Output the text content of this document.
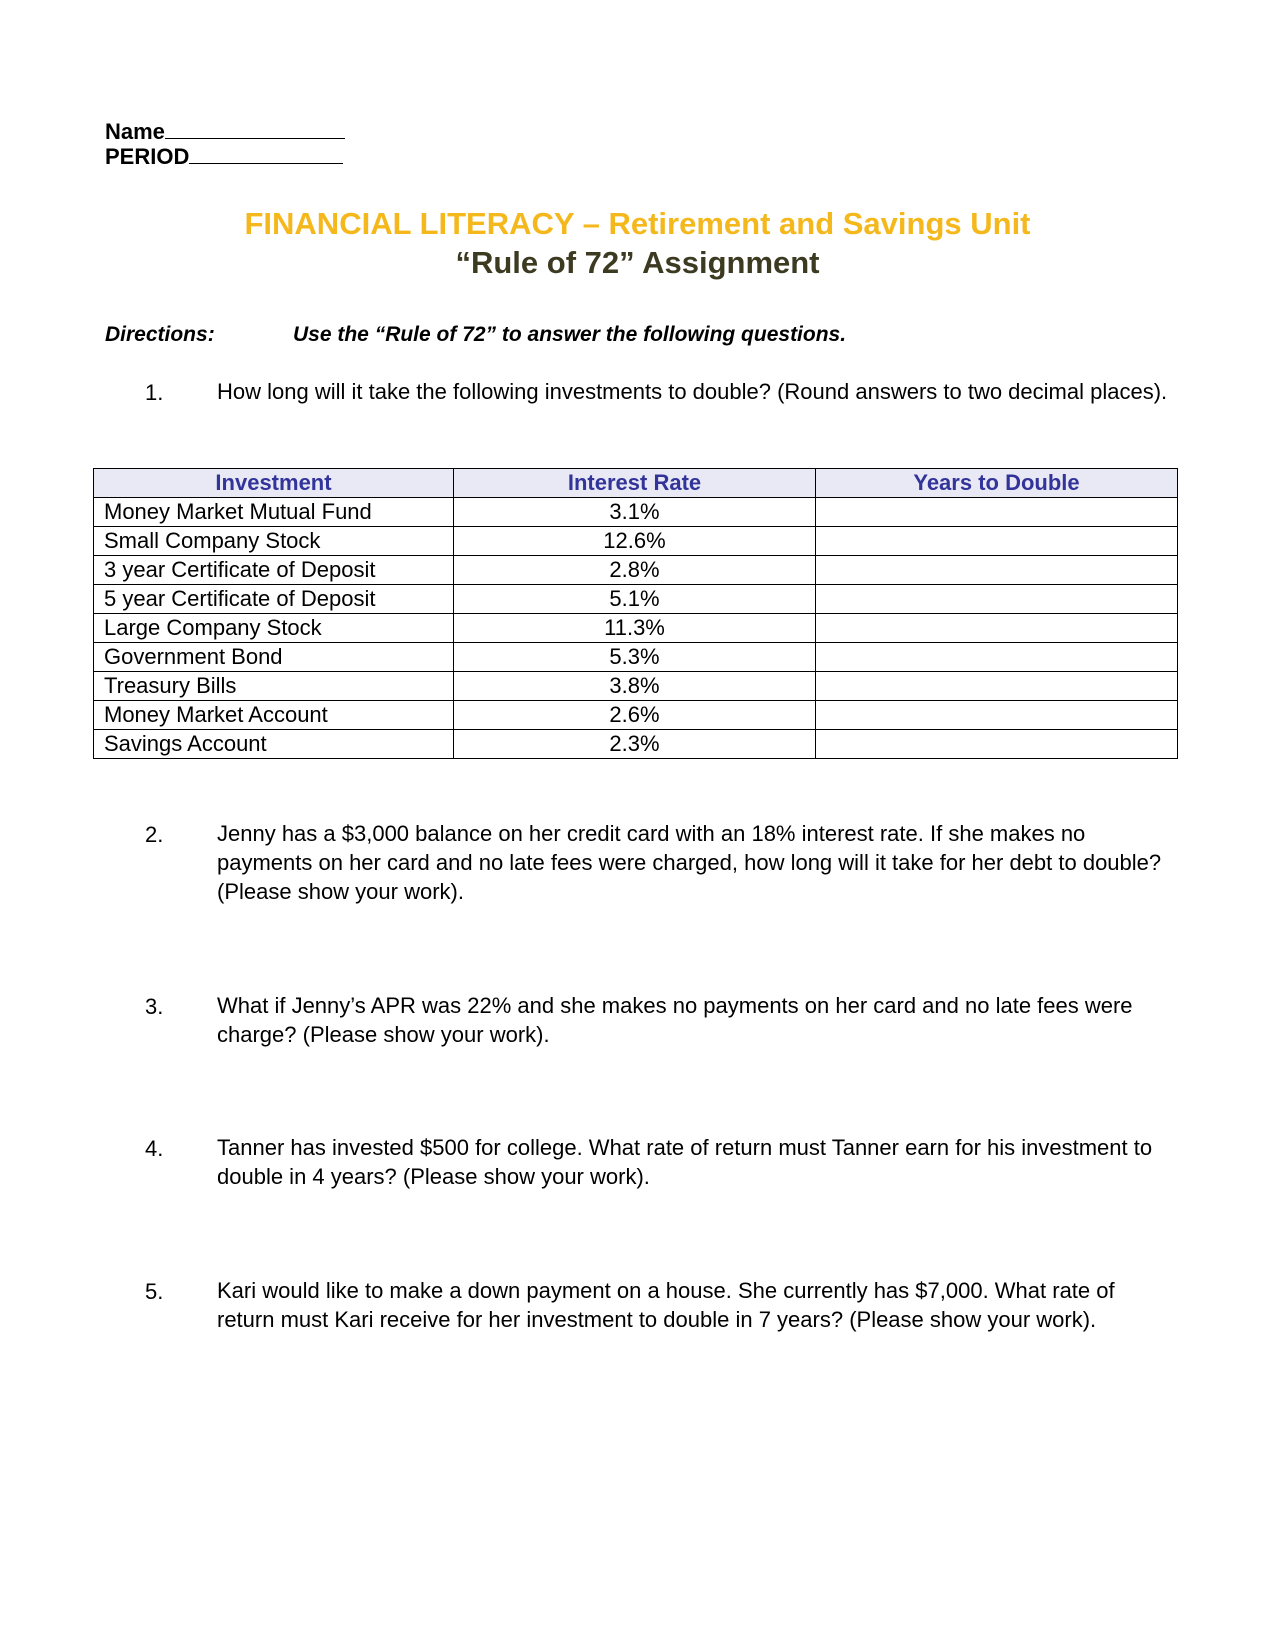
Name
PERIOD
FINANCIAL LITERACY – Retirement and Savings Unit
“Rule of 72” Assignment
Directions:	Use the “Rule of 72” to answer the following questions.
1. How long will it take the following investments to double? (Round answers to two decimal places).
Investment	Interest Rate	Years to Double
Money Market Mutual Fund	3.1%	
Small Company Stock	12.6%	
3 year Certificate of Deposit	2.8%	
5 year Certificate of Deposit	5.1%	
Large Company Stock	11.3%	
Government Bond	5.3%	
Treasury Bills	3.8%	
Money Market Account	2.6%	
Savings Account	2.3%	
2. Jenny has a $3,000 balance on her credit card with an 18% interest rate. If she makes no payments on her card and no late fees were charged, how long will it take for her debt to double? (Please show your work).
3. What if Jenny’s APR was 22% and she makes no payments on her card and no late fees were charge? (Please show your work).
4. Tanner has invested $500 for college. What rate of return must Tanner earn for his investment to double in 4 years? (Please show your work).
5. Kari would like to make a down payment on a house. She currently has $7,000. What rate of return must Kari receive for her investment to double in 7 years? (Please show your work).
